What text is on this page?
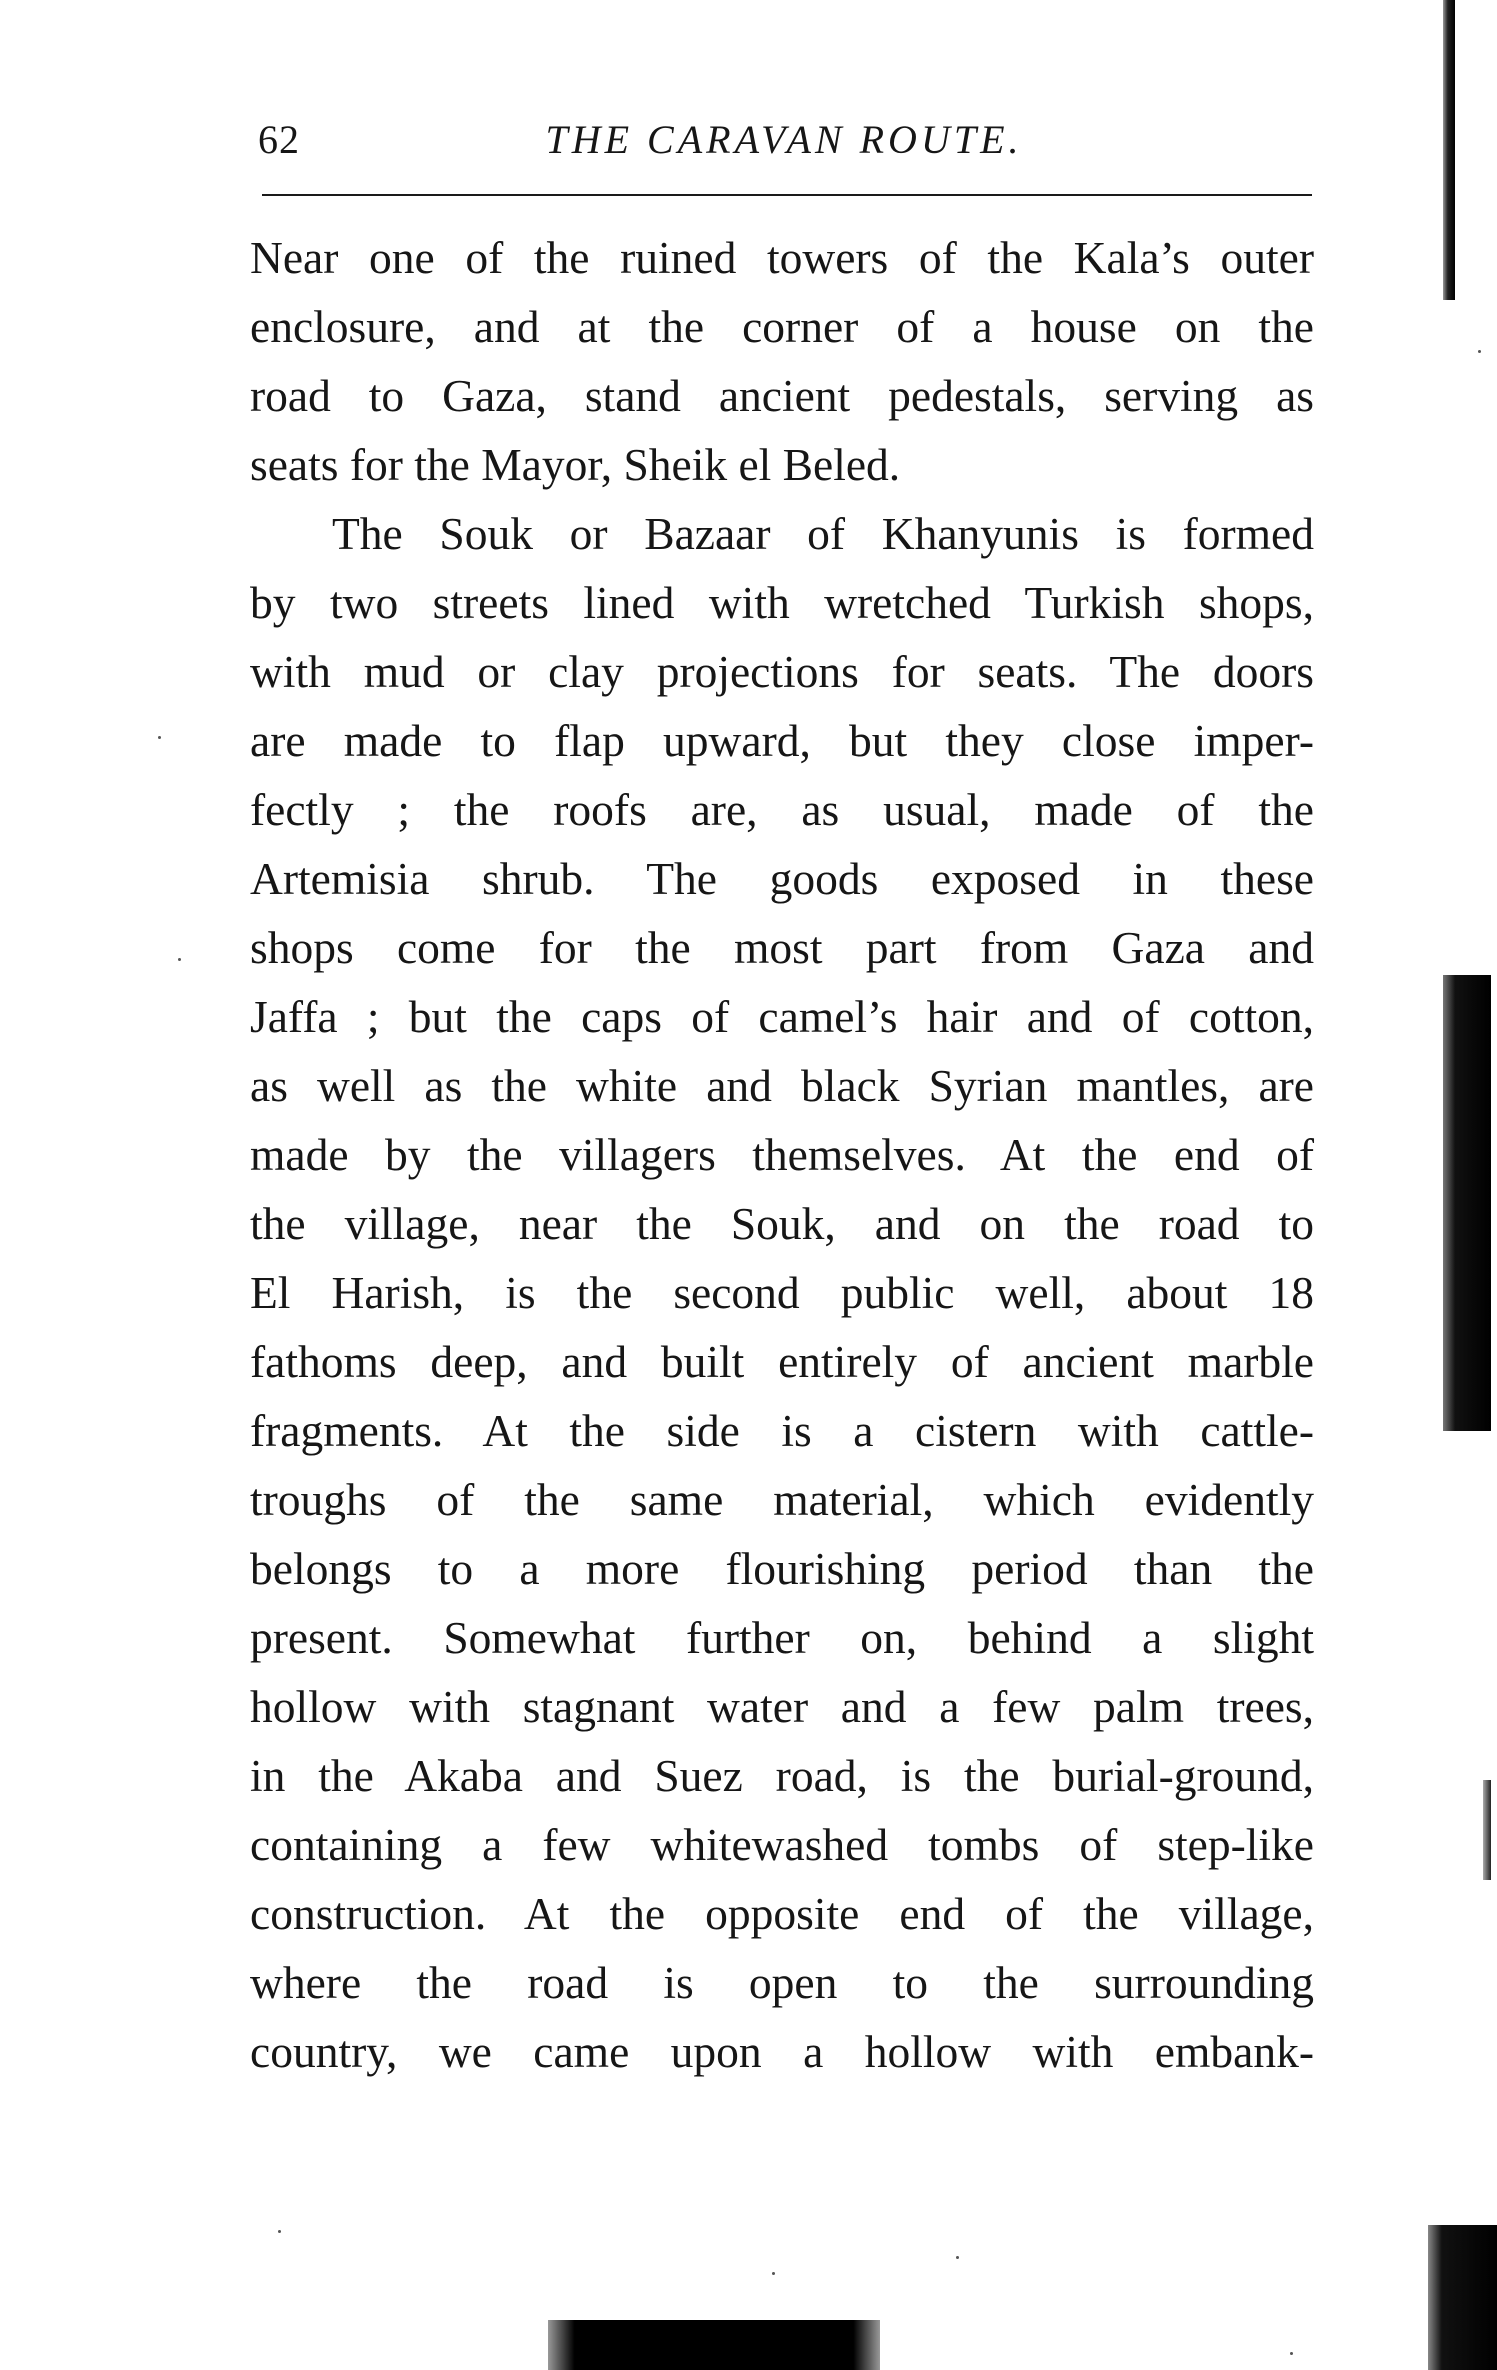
62	THE CARAVAN ROUTE.
Near one of the ruined towers of the Kala’s outer
enclosure, and at the corner of a house on the
road to Gaza, stand ancient pedestals, serving as
seats for the Mayor, Sheik el Beled.
The Souk or Bazaar of Khanyunis is formed
by two streets lined with wretched Turkish shops,
with mud or clay projections for seats. The doors
are made to flap upward, but they close imper-
fectly ; the roofs are, as usual, made of the
Artemisia shrub. The goods exposed in these
shops come for the most part from Gaza and
Jaffa ; but the caps of camel’s hair and of cotton,
as well as the white and black Syrian mantles, are
made by the villagers themselves. At the end of
the village, near the Souk, and on the road to
El Harish, is the second public well, about 18
fathoms deep, and built entirely of ancient marble
fragments. At the side is a cistern with cattle-
troughs of the same material, which evidently
belongs to a more flourishing period than the
present. Somewhat further on, behind a slight
hollow with stagnant water and a few palm trees,
in the Akaba and Suez road, is the burial-ground,
containing a few whitewashed tombs of step-like
construction. At the opposite end of the village,
where the road is open to the surrounding
country, we came upon a hollow with embank-
